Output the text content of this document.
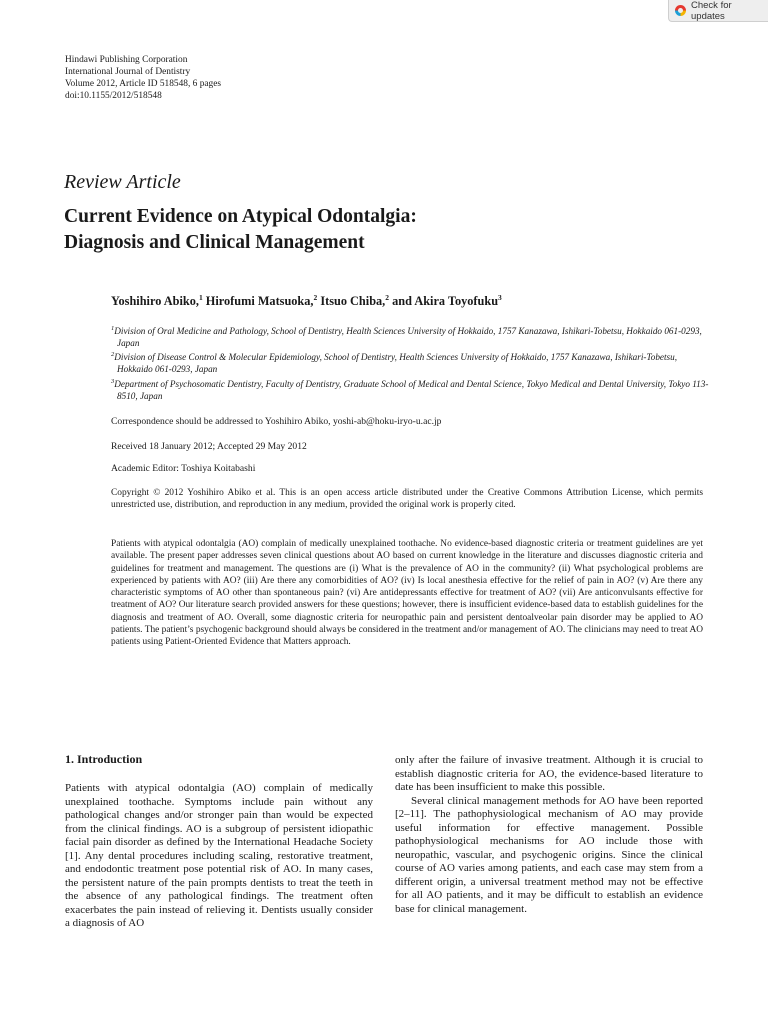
Check for updates
Hindawi Publishing Corporation
International Journal of Dentistry
Volume 2012, Article ID 518548, 6 pages
doi:10.1155/2012/518548
Review Article
Current Evidence on Atypical Odontalgia:
Diagnosis and Clinical Management
Yoshihiro Abiko,$^1$ Hirofumi Matsuoka,$^2$ Itsuo Chiba,$^2$ and Akira Toyofuku$^3$
$^1$Division of Oral Medicine and Pathology, School of Dentistry, Health Sciences University of Hokkaido, 1757 Kanazawa, Ishikari-Tobetsu, Hokkaido 061-0293, Japan
$^2$Division of Disease Control & Molecular Epidemiology, School of Dentistry, Health Sciences University of Hokkaido, 1757 Kanazawa, Ishikari-Tobetsu, Hokkaido 061-0293, Japan
$^3$Department of Psychosomatic Dentistry, Faculty of Dentistry, Graduate School of Medical and Dental Science, Tokyo Medical and Dental University, Tokyo 113-8510, Japan
Correspondence should be addressed to Yoshihiro Abiko, yoshi-ab@hoku-iryo-u.ac.jp
Received 18 January 2012; Accepted 29 May 2012
Academic Editor: Toshiya Koitabashi
Copyright © 2012 Yoshihiro Abiko et al. This is an open access article distributed under the Creative Commons Attribution License, which permits unrestricted use, distribution, and reproduction in any medium, provided the original work is properly cited.
Patients with atypical odontalgia (AO) complain of medically unexplained toothache. No evidence-based diagnostic criteria or treatment guidelines are yet available. The present paper addresses seven clinical questions about AO based on current knowledge in the literature and discusses diagnostic criteria and guidelines for treatment and management. The questions are (i) What is the prevalence of AO in the community? (ii) What psychological problems are experienced by patients with AO? (iii) Are there any comorbidities of AO? (iv) Is local anesthesia effective for the relief of pain in AO? (v) Are there any characteristic symptoms of AO other than spontaneous pain? (vi) Are antidepressants effective for treatment of AO? (vii) Are anticonvulsants effective for treatment of AO? Our literature search provided answers for these questions; however, there is insufficient evidence-based data to establish guidelines for the diagnosis and treatment of AO. Overall, some diagnostic criteria for neuropathic pain and persistent dentoalveolar pain disorder may be applied to AO patients. The patient’s psychogenic background should always be considered in the treatment and/or management of AO. The clinicians may need to treat AO patients using Patient-Oriented Evidence that Matters approach.
1. Introduction

Patients with atypical odontalgia (AO) complain of medically unexplained toothache. Symptoms include pain without any pathological changes and/or stronger pain than would be expected from the clinical findings. AO is a subgroup of persistent idiopathic facial pain disorder as defined by the International Headache Society [1]. Any dental procedures including scaling, restorative treatment, and endodontic treatment pose potential risk of AO. In many cases, the persistent nature of the pain prompts dentists to treat the teeth in the absence of any pathological findings. The treatment often exacerbates the pain instead of relieving it. Dentists usually consider a diagnosis of AO

only after the failure of invasive treatment. Although it is crucial to establish diagnostic criteria for AO, the evidence-based literature to date has been insufficient to make this possible.

Several clinical management methods for AO have been reported [2–11]. The pathophysiological mechanism of AO may provide useful information for effective management. Possible pathophysiological mechanisms for AO include those with neuropathic, vascular, and psychogenic origins. Since the clinical course of AO varies among patients, and each case may stem from a different origin, a universal treatment method may not be effective for all AO patients, and it may be difficult to establish an evidence base for clinical management.
